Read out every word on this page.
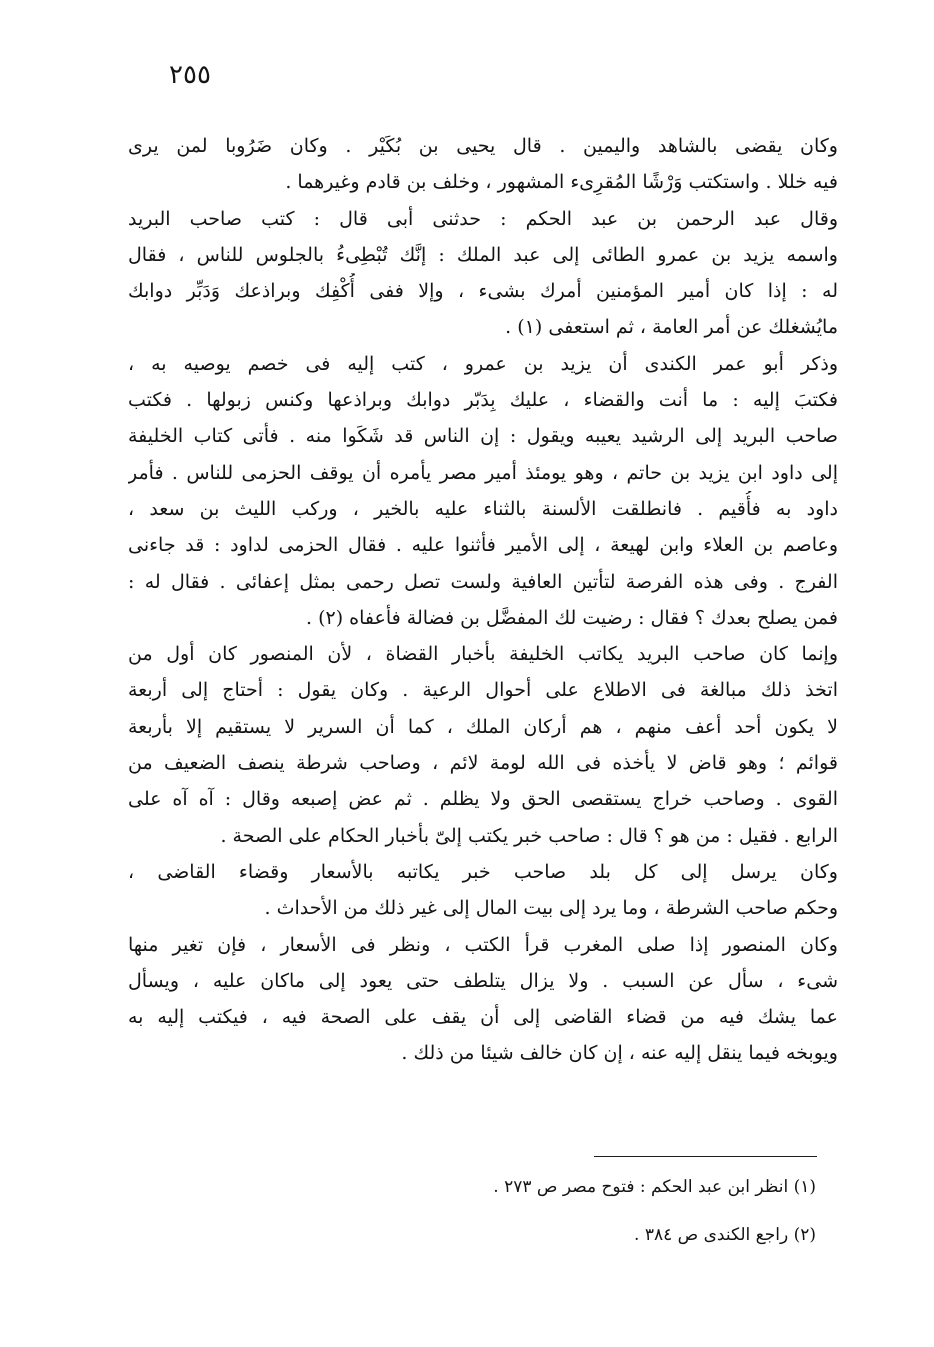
٢٥٥
وكان يقضى بالشاهد واليمين . قال يحيى بن بُكَيْر . وكان ضَرُوبا لمن يرى
فيه خللا . واستكتب وَرْشًا المُقرِىء المشهور ، وخلف بن قادم وغيرهما .
وقال عبد الرحمن بن عبد الحكم : حدثنى أبى قال : كتب صاحب البريد
واسمه يزيد بن عمرو الطائى إلى عبد الملك : إنَّك تُبْطِىءُ بالجلوس للناس ، فقال
له : إذا كان أمير المؤمنين أمرك بشىء ، وإلا ففى أُكْفِك وبراذعك وَدَبِّر دوابك
مايُشغلك عن أمر العامة ، ثم استعفى (١) .
وذكر أبو عمر الكندى أن يزيد بن عمرو ، كتب إليه فى خصم يوصيه به ،
فكتبَ إليه : ما أنت والقضاء ، عليك بِدَبّر دوابك وبراذعها وكنس زبولها . فكتب
صاحب البريد إلى الرشيد يعيبه ويقول : إن الناس قد شَكَوا منه . فأتى كتاب الخليفة
إلى داود ابن يزيد بن حاتم ، وهو يومئذ أمير مصر يأمره أن يوقف الحزمى للناس . فأمر
داود به فأُقيم . فانطلقت الألسنة بالثناء عليه بالخير ، وركب الليث بن سعد ،
وعاصم بن العلاء وابن لهيعة ، إلى الأمير فأثنوا عليه . فقال الحزمى لداود : قد جاءنى
الفرج . وفى هذه الفرصة لتأتين العافية ولست تصل رحمى بمثل إعفائى . فقال له :
فمن يصلح بعدك ؟ فقال : رضيت لك المفضَّل بن فضالة فأعفاه (٢) .
وإنما كان صاحب البريد يكاتب الخليفة بأخبار القضاة ، لأن المنصور كان أول من
اتخذ ذلك مبالغة فى الاطلاع على أحوال الرعية . وكان يقول : أحتاج إلى أربعة
لا يكون أحد أعف منهم ، هم أركان الملك ، كما أن السرير لا يستقيم إلا بأربعة
قوائم ؛ وهو قاض لا يأخذه فى الله لومة لائم ، وصاحب شرطة ينصف الضعيف من
القوى . وصاحب خراج يستقصى الحق ولا يظلم . ثم عض إصبعه وقال : آه آه على
الرابع . فقيل : من هو ؟ قال : صاحب خبر يكتب إلىّ بأخبار الحكام على الصحة .
وكان يرسل إلى كل بلد صاحب خبر يكاتبه بالأسعار وقضاء القاضى ،
وحكم صاحب الشرطة ، وما يرد إلى بيت المال إلى غير ذلك من الأحداث .
وكان المنصور إذا صلى المغرب قرأ الكتب ، ونظر فى الأسعار ، فإن تغير منها
شىء ، سأل عن السبب . ولا يزال يتلطف حتى يعود إلى ماكان عليه ، ويسأل
عما يشك فيه من قضاء القاضى إلى أن يقف على الصحة فيه ، فيكتب إليه به
ويوبخه فيما ينقل إليه عنه ، إن كان خالف شيئا من ذلك .
(١) انظر ابن عبد الحكم : فتوح مصر ص ٢٧٣ .
(٢) راجع الكندى ص ٣٨٤ .
